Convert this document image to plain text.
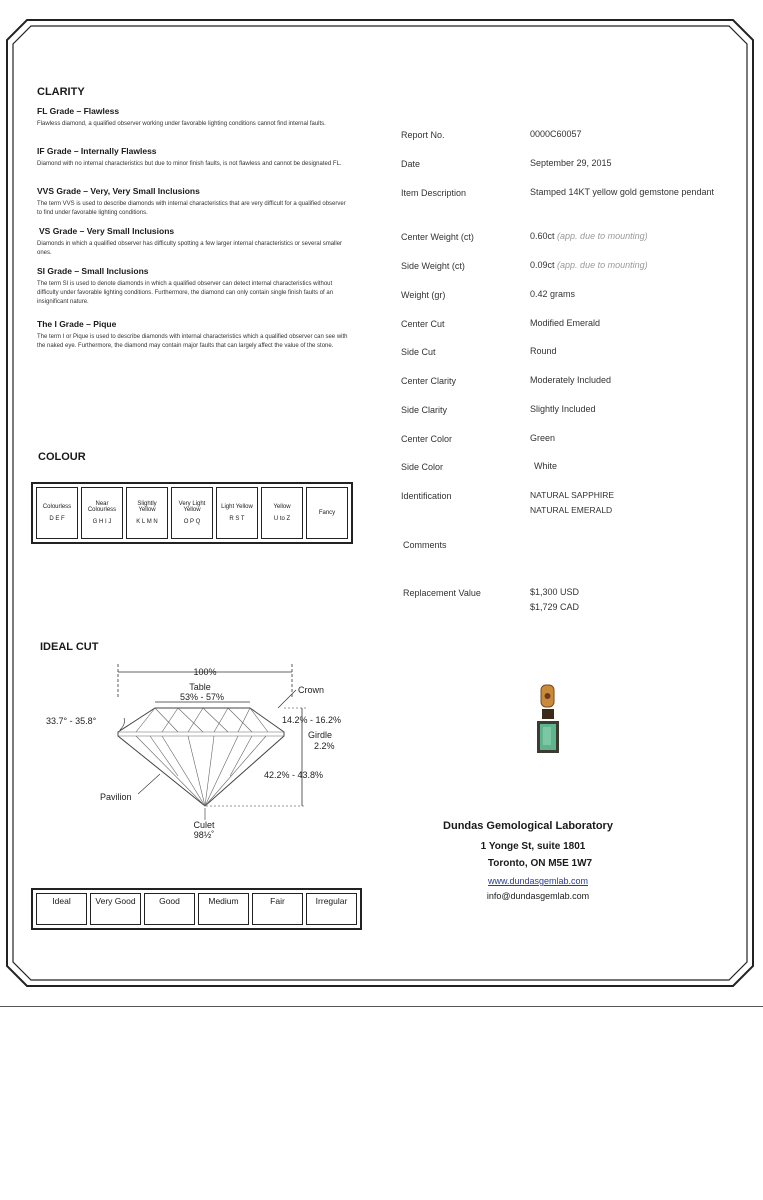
CLARITY
FL Grade – Flawless
Flawless diamond, a qualified observer working under favorable lighting conditions cannot find internal faults.
IF Grade – Internally Flawless
Diamond with no internal characteristics but due to minor finish faults, is not flawless and cannot be designated FL.
VVS Grade – Very, Very Small Inclusions
The term VVS is used to describe diamonds with internal characteristics that are very difficult for a qualified observer to find under favorable lighting conditions.
VS Grade – Very Small Inclusions
Diamonds in which a qualified observer has difficulty spotting a few larger internal characteristics or several smaller ones.
SI Grade – Small Inclusions
The term SI is used to denote diamonds in which a qualified observer can detect internal characteristics without difficulty under favorable lighting conditions. Furthermore, the diamond can only contain single finish faults of an insignificant nature.
The I Grade – Pique
The term I or Pique is used to describe diamonds with internal characteristics which a qualified observer can see with the naked eye. Furthermore, the diamond may contain major faults that can largely affect the value of the stone.
COLOUR
Colourless
D E F	
Near Colourless
G H I J	
Slightly Yellow
K L M N	
Very Light Yellow
O P Q	
Light Yellow
R S T	
Yellow
U to Z	Fancy
IDEAL CUT
100%
Table
53% - 57%
Crown
33.7° - 35.8°	14.2% - 16.2%
Girdle
2.2%
42.2% - 43.8%
Pavilion
Culet
98½˚
Ideal	Very Good	Good	Medium	Fair	Irregular
Report No.	0000C60057
Date	September 29, 2015
Item Description	Stamped 14KT yellow gold gemstone pendant
Center Weight (ct)	0.60ct (app. due to mounting)
Side Weight (ct)	0.09ct (app. due to mounting)
Weight (gr)	0.42 grams
Center Cut	Modified Emerald
Side Cut	Round
Center Clarity	Moderately Included
Side Clarity	Slightly Included
Center Color	Green
Side Color	White
Identification	NATURAL SAPPHIRE
NATURAL EMERALD
Comments
Replacement Value	$1,300 USD
$1,729 CAD
Dundas Gemological Laboratory
1 Yonge St, suite 1801
Toronto, ON M5E 1W7
www.dundasgemlab.com
info@dundasgemlab.com
